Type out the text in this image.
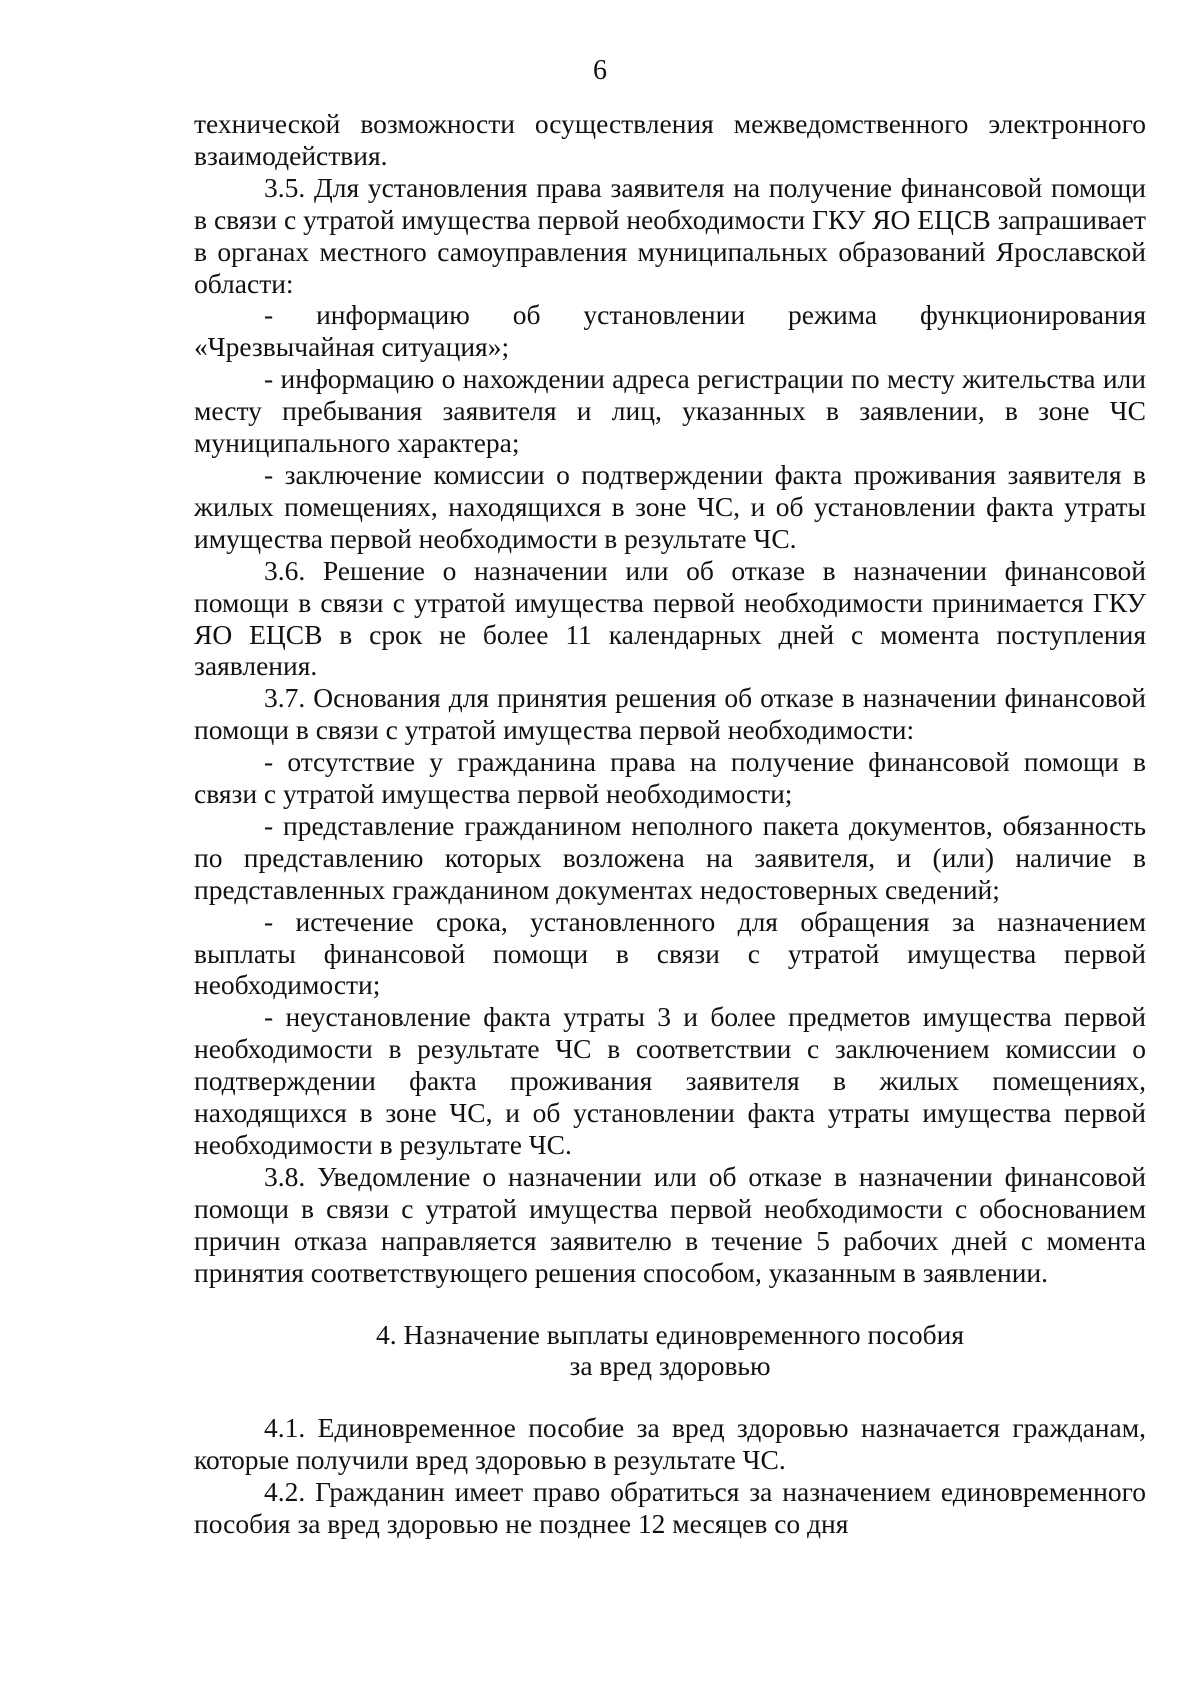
6

технической возможности осуществления межведомственного электронного взаимодействия.

3.5. Для установления права заявителя на получение финансовой помощи в связи с утратой имущества первой необходимости ГКУ ЯО ЕЦСВ запрашивает в органах местного самоуправления муниципальных образований Ярославской области:

- информацию об установлении режима функционирования «Чрезвычайная ситуация»;

- информацию о нахождении адреса регистрации по месту жительства или месту пребывания заявителя и лиц, указанных в заявлении, в зоне ЧС муниципального характера;

- заключение комиссии о подтверждении факта проживания заявителя в жилых помещениях, находящихся в зоне ЧС, и об установлении факта утраты имущества первой необходимости в результате ЧС.

3.6. Решение о назначении или об отказе в назначении финансовой помощи в связи с утратой имущества первой необходимости принимается ГКУ ЯО ЕЦСВ в срок не более 11 календарных дней с момента поступления заявления.

3.7. Основания для принятия решения об отказе в назначении финансовой помощи в связи с утратой имущества первой необходимости:

- отсутствие у гражданина права на получение финансовой помощи в связи с утратой имущества первой необходимости;

- представление гражданином неполного пакета документов, обязанность по представлению которых возложена на заявителя, и (или) наличие в представленных гражданином документах недостоверных сведений;

- истечение срока, установленного для обращения за назначением выплаты финансовой помощи в связи с утратой имущества первой необходимости;

- неустановление факта утраты 3 и более предметов имущества первой необходимости в результате ЧС в соответствии с заключением комиссии о подтверждении факта проживания заявителя в жилых помещениях, находящихся в зоне ЧС, и об установлении факта утраты имущества первой необходимости в результате ЧС.

3.8. Уведомление о назначении или об отказе в назначении финансовой помощи в связи с утратой имущества первой необходимости с обоснованием причин отказа направляется заявителю в течение 5 рабочих дней с момента принятия соответствующего решения способом, указанным в заявлении.

4. Назначение выплаты единовременного пособия

за вред здоровью

4.1. Единовременное пособие за вред здоровью назначается гражданам, которые получили вред здоровью в результате ЧС.

4.2. Гражданин имеет право обратиться за назначением единовременного пособия за вред здоровью не позднее 12 месяцев со дня
